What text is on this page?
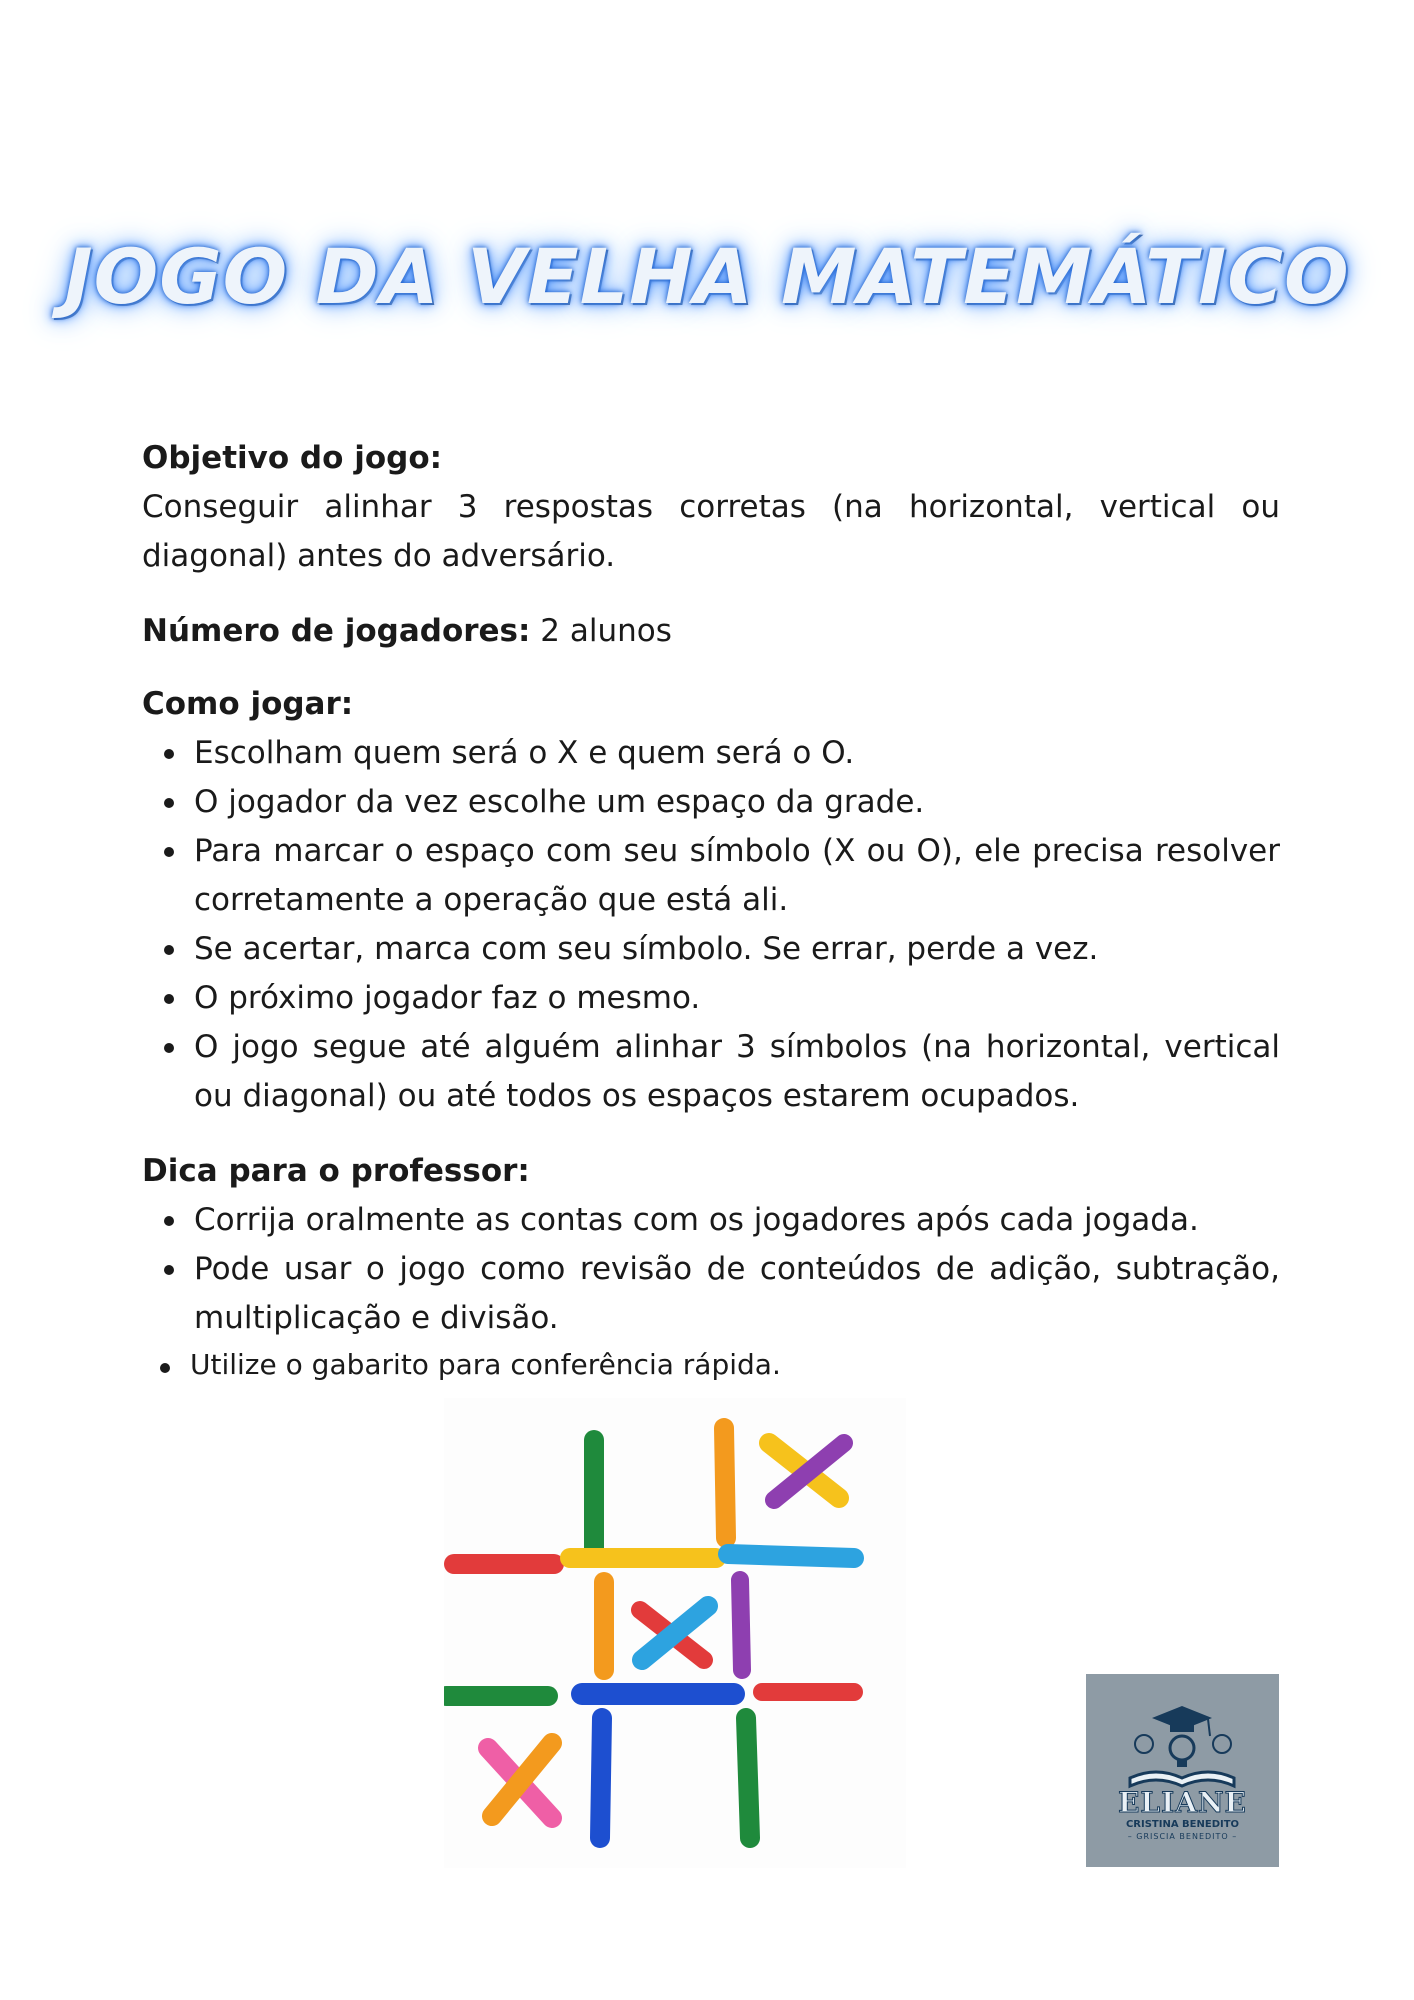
JOGO DA VELHA MATEMÁTICO

Objetivo do jogo:

Conseguir alinhar 3 respostas corretas (na horizontal, vertical ou diagonal) antes do adversário.

Número de jogadores: 2 alunos

Como jogar:

Escolham quem será o X e quem será o O.
O jogador da vez escolhe um espaço da grade.
Para marcar o espaço com seu símbolo (X ou O), ele precisa resolver corretamente a operação que está ali.
Se acertar, marca com seu símbolo. Se errar, perde a vez.
O próximo jogador faz o mesmo.
O jogo segue até alguém alinhar 3 símbolos (na horizontal, vertical ou diagonal) ou até todos os espaços estarem ocupados.

Dica para o professor:

Corrija oralmente as contas com os jogadores após cada jogada.
Pode usar o jogo como revisão de conteúdos de adição, subtração, multiplicação e divisão.
Utilize o gabarito para conferência rápida.
ELIANE
CRISTINA BENEDITO
– GRISCIA BENEDITO –
